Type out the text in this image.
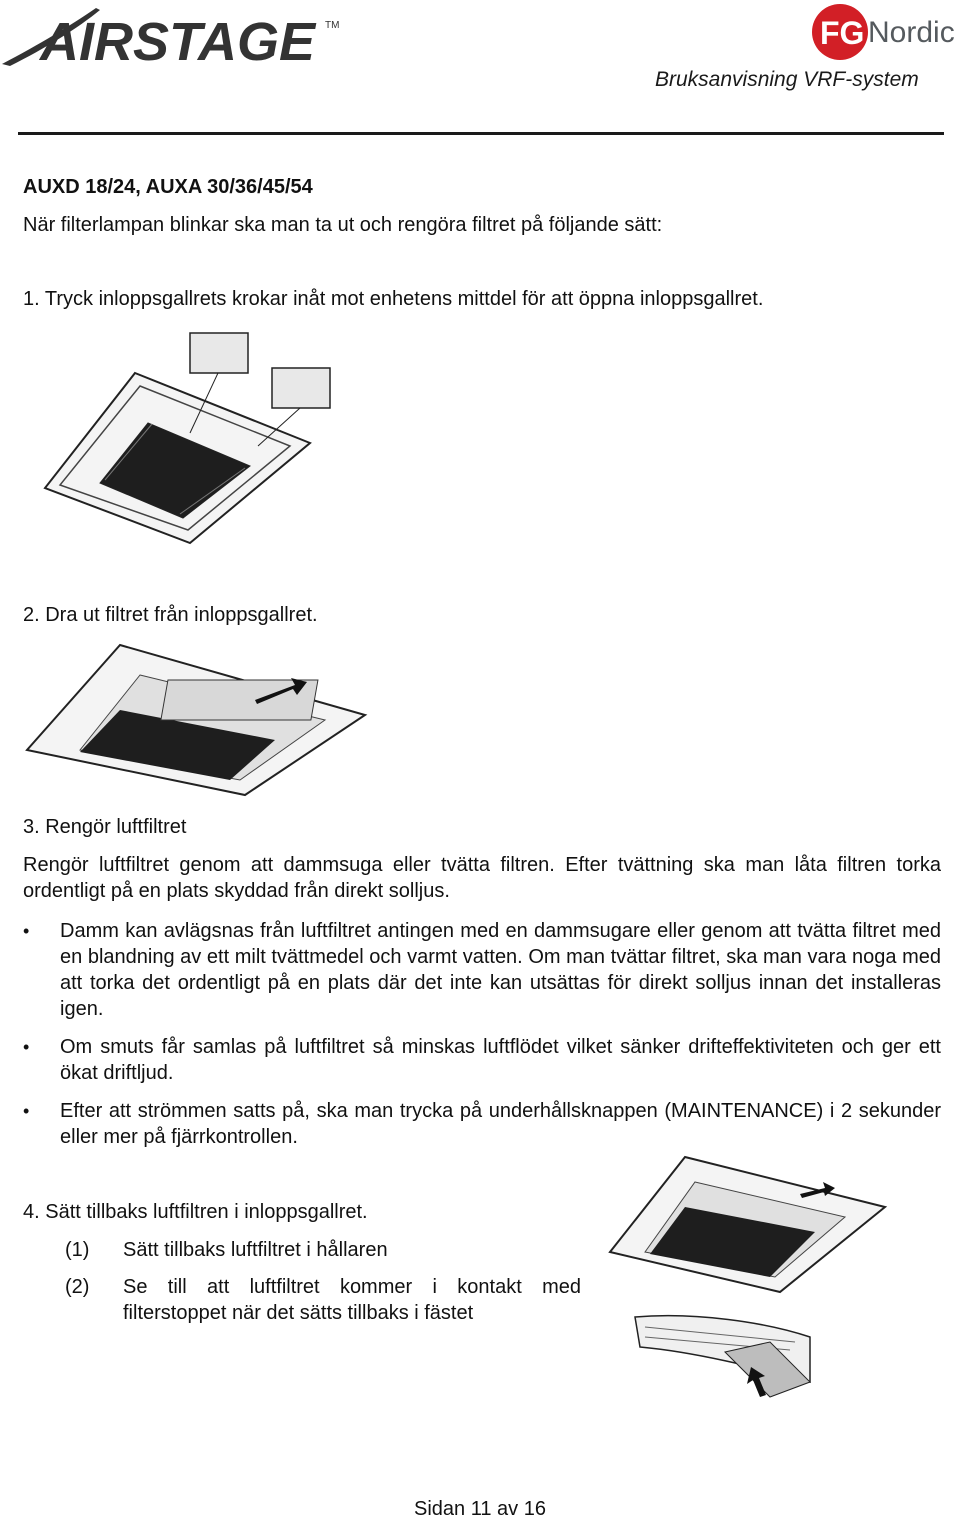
AIRSTAGE TM	FG Nordic
Bruksanvisning VRF-system
AUXD 18/24, AUXA 30/36/45/54
När filterlampan blinkar ska man ta ut och rengöra filtret på följande sätt:
1. Tryck inloppsgallrets krokar inåt mot enhetens mittdel för att öppna inloppsgallret.
2. Dra ut filtret från inloppsgallret.
3. Rengör luftfiltret
Rengör luftfiltret genom att dammsuga eller tvätta filtren. Efter tvättning ska man låta filtren torka ordentligt på en plats skyddad från direkt solljus.
• Damm kan avlägsnas från luftfiltret antingen med en dammsugare eller genom att tvätta filtret med en blandning av ett milt tvättmedel och varmt vatten. Om man tvättar filtret, ska man vara noga med att torka det ordentligt på en plats där det inte kan utsättas för direkt solljus innan det installeras igen.
• Om smuts får samlas på luftfiltret så minskas luftflödet vilket sänker drifteffektiviteten och ger ett ökat driftljud.
• Efter att strömmen satts på, ska man trycka på underhållsknappen (MAINTENANCE) i 2 sekunder eller mer på fjärrkontrollen.
4. Sätt tillbaks luftfiltren i inloppsgallret.
(1) Sätt tillbaks luftfiltret i hållaren
(2) Se till att luftfiltret kommer i kontakt med filterstoppet när det sätts tillbaks i fästet
Sidan 11 av 16
